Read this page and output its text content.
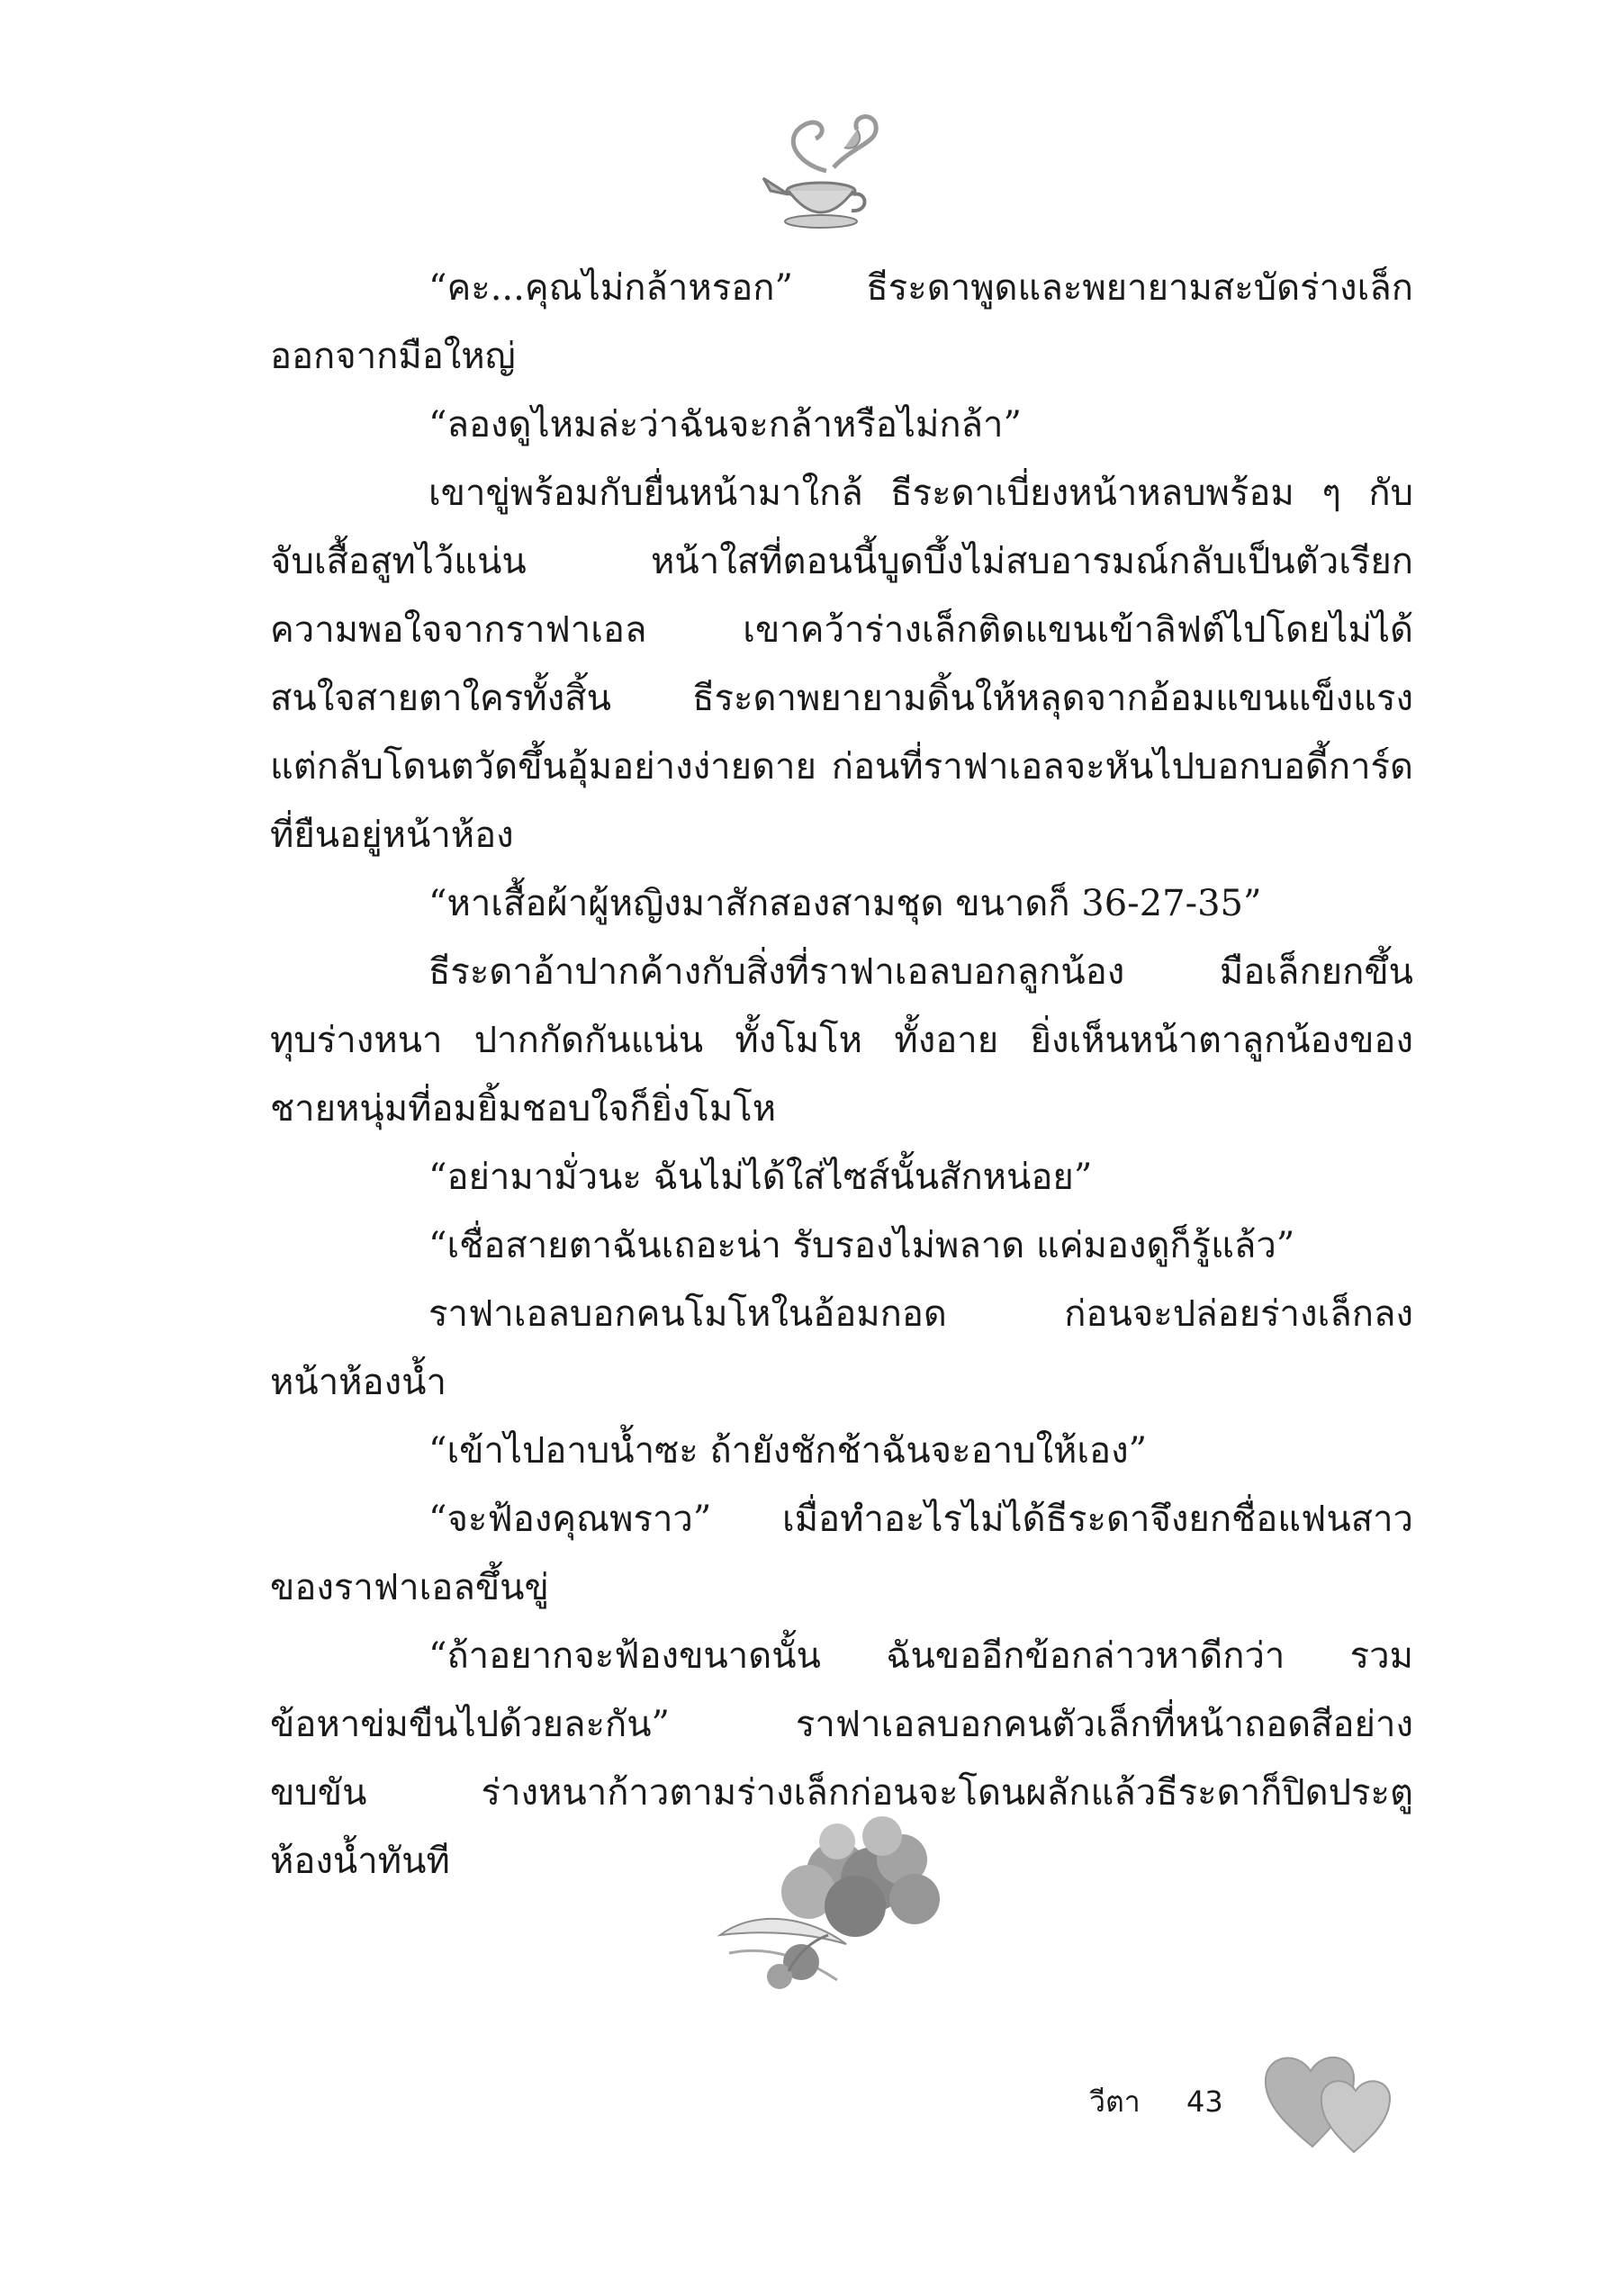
“คะ...คุณไม่กล้าหรอก” ธีระดาพูดและพยายามสะบัดร่างเล็ก
ออกจากมือใหญ่
“ลองดูไหมล่ะว่าฉันจะกล้าหรือไม่กล้า”
เขาขู่พร้อมกับยื่นหน้ามาใกล้ ธีระดาเบี่ยงหน้าหลบพร้อม ๆ กับ
จับเสื้อสูทไว้แน่น หน้าใสที่ตอนนี้บูดบึ้งไม่สบอารมณ์กลับเป็นตัวเรียก
ความพอใจจากราฟาเอล เขาคว้าร่างเล็กติดแขนเข้าลิฟต์ไปโดยไม่ได้
สนใจสายตาใครทั้งสิ้น ธีระดาพยายามดิ้นให้หลุดจากอ้อมแขนแข็งแรง
แต่กลับโดนตวัดขึ้นอุ้มอย่างง่ายดาย ก่อนที่ราฟาเอลจะหันไปบอกบอดี้การ์ด
ที่ยืนอยู่หน้าห้อง
“หาเสื้อผ้าผู้หญิงมาสักสองสามชุด ขนาดก็ 36-27-35”
ธีระดาอ้าปากค้างกับสิ่งที่ราฟาเอลบอกลูกน้อง มือเล็กยกขึ้น
ทุบร่างหนา ปากกัดกันแน่น ทั้งโมโห ทั้งอาย ยิ่งเห็นหน้าตาลูกน้องของ
ชายหนุ่มที่อมยิ้มชอบใจก็ยิ่งโมโห
“อย่ามามั่วนะ ฉันไม่ได้ใส่ไซส์นั้นสักหน่อย”
“เชื่อสายตาฉันเถอะน่า รับรองไม่พลาด แค่มองดูก็รู้แล้ว”
ราฟาเอลบอกคนโมโหในอ้อมกอด ก่อนจะปล่อยร่างเล็กลง
หน้าห้องน้ำ
“เข้าไปอาบน้ำซะ ถ้ายังชักช้าฉันจะอาบให้เอง”
“จะฟ้องคุณพราว” เมื่อทำอะไรไม่ได้ธีระดาจึงยกชื่อแฟนสาว
ของราฟาเอลขึ้นขู่
“ถ้าอยากจะฟ้องขนาดนั้น ฉันขออีกข้อกล่าวหาดีกว่า รวม
ข้อหาข่มขืนไปด้วยละกัน” ราฟาเอลบอกคนตัวเล็กที่หน้าถอดสีอย่าง
ขบขัน ร่างหนาก้าวตามร่างเล็กก่อนจะโดนผลักแล้วธีระดาก็ปิดประตู
ห้องน้ำทันที
วีตา	43
